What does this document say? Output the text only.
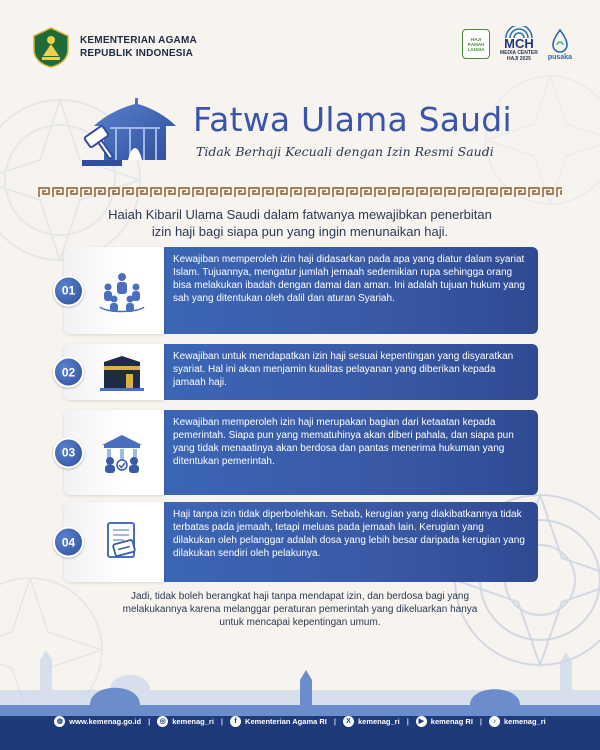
KEMENTERIAN AGAMA
REPUBLIK INDONESIA
HAJI RAMAH LANSIA	MCH
MEDIA CENTER
HAJI 2025 pusaka
Fatwa Ulama Saudi
Tidak Berhaji Kecuali dengan Izin Resmi Saudi
Haiah Kibaril Ulama Saudi dalam fatwanya mewajibkan penerbitan
izin haji bagi siapa pun yang ingin menunaikan haji.
01
Kewajiban memperoleh izin haji didasarkan pada apa yang diatur dalam syariat Islam. Tujuannya, mengatur jumlah jemaah sedemikian rupa sehingga orang bisa melakukan ibadah dengan damai dan aman. Ini adalah tujuan hukum yang sah yang ditentukan oleh dalil dan aturan Syariah.
02
Kewajiban untuk mendapatkan izin haji sesuai kepentingan yang disyaratkan syariat. Hal ini akan menjamin kualitas pelayanan yang diberikan kepada jamaah haji.
03
Kewajiban memperoleh izin haji merupakan bagian dari ketaatan kepada pemerintah. Siapa pun yang mematuhinya akan diberi pahala, dan siapa pun yang tidak menaatinya akan berdosa dan pantas menerima hukuman yang ditentukan pemerintah.
04
Haji tanpa izin tidak diperbolehkan. Sebab, kerugian yang diakibatkannya tidak terbatas pada jemaah, tetapi meluas pada jemaah lain. Kerugian yang dilakukan oleh pelanggar adalah dosa yang lebih besar daripada kerugian yang dilakukan sendiri oleh pelakunya.
Jadi, tidak boleh berangkat haji tanpa mendapat izin, dan berdosa bagi yang
melakukannya karena melanggar peraturan pemerintah yang dikeluarkan hanya
untuk mencapai kepentingan umum.
◍ www.kemenag.go.id |	◎ kemenag_ri |	f	Kementerian Agama RI |	X kemenag_ri |	▶ kemenag RI |	♪	kemenag_ri
